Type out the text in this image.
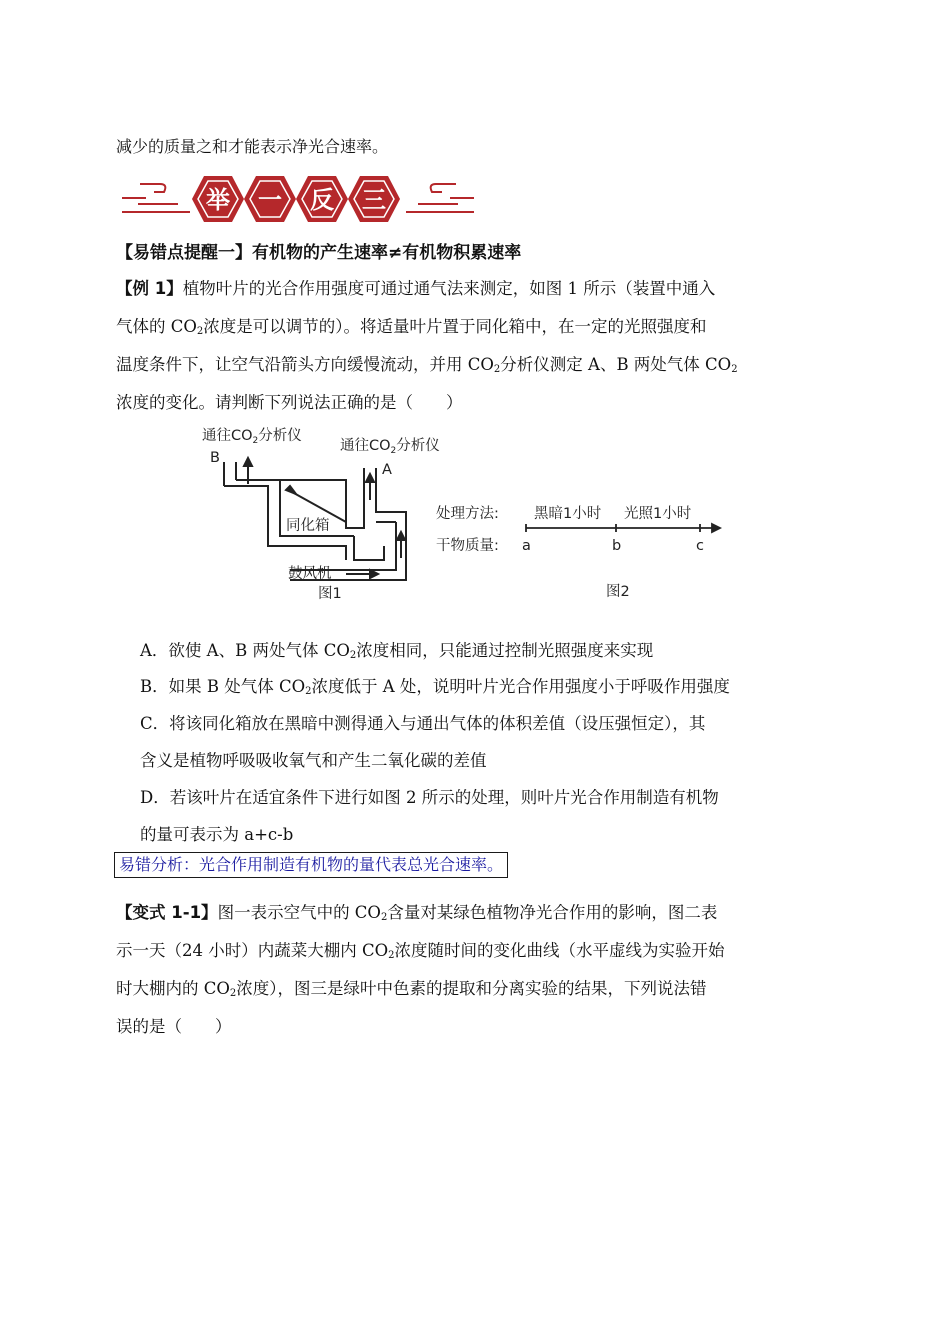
减少的质量之和才能表示净光合速率。
举 一 反 三
【易错点提醒一】有机物的产生速率≠有机物积累速率
【例 1】植物叶片的光合作用强度可通过通气法来测定，如图 1 所示（装置中通入
气体的 $CO_2$浓度是可以调节的）。将适量叶片置于同化箱中，在一定的光照强度和
温度条件下，让空气沿箭头方向缓慢流动，并用 $CO_2$分析仪测定 A、B 两处气体 $CO_2$
浓度的变化。请判断下列说法正确的是（　　）
通往$CO_2$分析仪
通往$CO_2$分析仪
B
A
同化箱
鼓风机
图1
处理方法: 黑暗1小时 光照1小时
干物质量: a	b	c
图2
A．欲使 A、B 两处气体 $CO_2$浓度相同，只能通过控制光照强度来实现
B．如果 B 处气体 $CO_2$浓度低于 A 处，说明叶片光合作用强度小于呼吸作用强度
C．将该同化箱放在黑暗中测得通入与通出气体的体积差值（设压强恒定），其
含义是植物呼吸吸收氧气和产生二氧化碳的差值
D．若该叶片在适宜条件下进行如图 2 所示的处理，则叶片光合作用制造有机物
的量可表示为 a+c-b
易错分析：光合作用制造有机物的量代表总光合速率。
【变式 1-1】图一表示空气中的 $CO_2$含量对某绿色植物净光合作用的影响，图二表
示一天（24 小时）内蔬菜大棚内 $CO_2$浓度随时间的变化曲线（水平虚线为实验开始
时大棚内的 $CO_2$浓度），图三是绿叶中色素的提取和分离实验的结果，下列说法错
误的是（　　）
